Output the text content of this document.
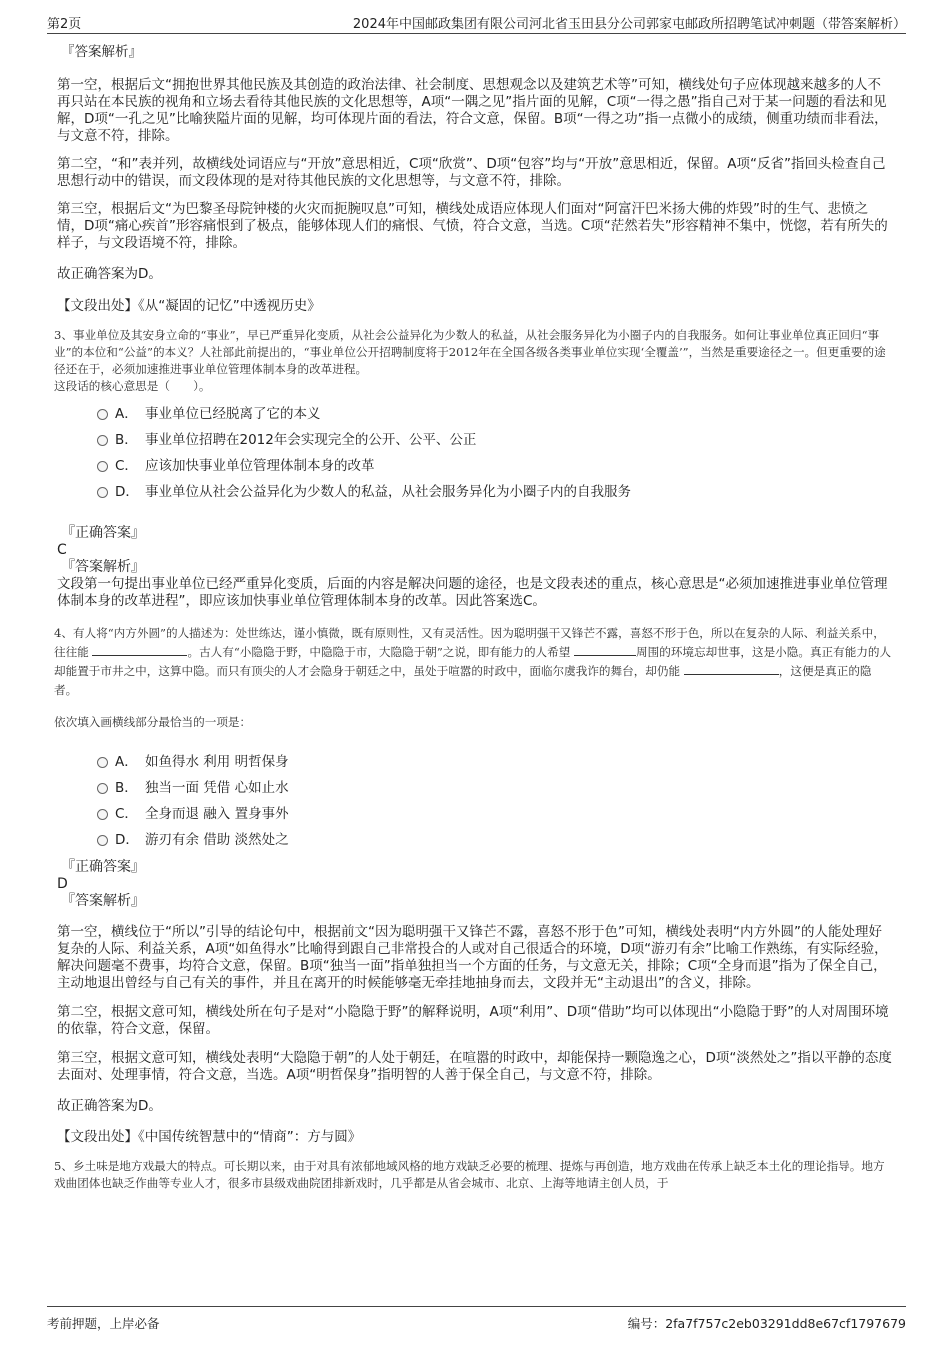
第2页	2024年中国邮政集团有限公司河北省玉田县分公司郭家屯邮政所招聘笔试冲刺题（带答案解析）
『答案解析』

第一空，根据后文“拥抱世界其他民族及其创造的政治法律、社会制度、思想观念以及建筑艺术等”可知，横线处句子应体现越来越多的人不再只站在本民族的视角和立场去看待其他民族的文化思想等，A项“一隅之见”指片面的见解，C项“一得之愚”指自己对于某一问题的看法和见解，D项“一孔之见”比喻狭隘片面的见解，均可体现片面的看法，符合文意，保留。B项“一得之功”指一点微小的成绩，侧重功绩而非看法，与文意不符，排除。

第二空，“和”表并列，故横线处词语应与“开放”意思相近，C项“欣赏”、D项“包容”均与“开放”意思相近，保留。A项“反省”指回头检查自己思想行动中的错误，而文段体现的是对待其他民族的文化思想等，与文意不符，排除。

第三空，根据后文“为巴黎圣母院钟楼的火灾而扼腕叹息”可知，横线处成语应体现人们面对“阿富汗巴米扬大佛的炸毁”时的生气、悲愤之情，D项“痛心疾首”形容痛恨到了极点，能够体现人们的痛恨、气愤，符合文意，当选。C项“茫然若失”形容精神不集中，恍惚，若有所失的样子，与文段语境不符，排除。

故正确答案为D。

【文段出处】《从“凝固的记忆”中透视历史》

3、事业单位及其安身立命的“事业”，早已严重异化变质，从社会公益异化为少数人的私益，从社会服务异化为小圈子内的自我服务。如何让事业单位真正回归“事业”的本位和“公益”的本义？人社部此前提出的，“事业单位公开招聘制度将于2012年在全国各级各类事业单位实现‘全覆盖’”，当然是重要途径之一。但更重要的途径还在于，必须加速推进事业单位管理体制本身的改革进程。

这段话的核心意思是（　　）。

A． 事业单位已经脱离了它的本义
B． 事业单位招聘在2012年会实现完全的公开、公平、公正
C． 应该加快事业单位管理体制本身的改革
D． 事业单位从社会公益异化为少数人的私益，从社会服务异化为小圈子内的自我服务

『正确答案』

C

『答案解析』

文段第一句提出事业单位已经严重异化变质，后面的内容是解决问题的途径，也是文段表述的重点，核心意思是“必须加速推进事业单位管理体制本身的改革进程”，即应该加快事业单位管理体制本身的改革。因此答案选C。

4、有人将“内方外圆”的人描述为：处世练达，谨小慎微，既有原则性，又有灵活性。因为聪明强干又锋芒不露，喜怒不形于色，所以在复杂的人际、利益关系中，往往能	。古人有“小隐隐于野，中隐隐于市，大隐隐于朝”之说，即有能力的人希望	周围的环境忘却世事，这是小隐。真正有能力的人却能置于市井之中，这算中隐。而只有顶尖的人才会隐身于朝廷之中，虽处于喧嚣的时政中，面临尔虞我诈的舞台，却仍能	，这便是真正的隐者。

依次填入画横线部分最恰当的一项是：

A． 如鱼得水 利用 明哲保身
B． 独当一面 凭借 心如止水
C． 全身而退 融入 置身事外
D． 游刃有余 借助 淡然处之

『正确答案』

D

『答案解析』

第一空，横线位于“所以”引导的结论句中，根据前文“因为聪明强干又锋芒不露，喜怒不形于色”可知，横线处表明“内方外圆”的人能处理好复杂的人际、利益关系，A项“如鱼得水”比喻得到跟自己非常投合的人或对自己很适合的环境，D项“游刃有余”比喻工作熟练，有实际经验，解决问题毫不费事，均符合文意，保留。B项“独当一面”指单独担当一个方面的任务，与文意无关，排除；C项“全身而退”指为了保全自己，主动地退出曾经与自己有关的事件，并且在离开的时候能够毫无牵挂地抽身而去，文段并无“主动退出”的含义，排除。

第二空，根据文意可知，横线处所在句子是对“小隐隐于野”的解释说明，A项“利用”、D项“借助”均可以体现出“小隐隐于野”的人对周围环境的依靠，符合文意，保留。

第三空，根据文意可知，横线处表明“大隐隐于朝”的人处于朝廷，在喧嚣的时政中，却能保持一颗隐逸之心，D项“淡然处之”指以平静的态度去面对、处理事情，符合文意，当选。A项“明哲保身”指明智的人善于保全自己，与文意不符，排除。

故正确答案为D。

【文段出处】《中国传统智慧中的“情商”：方与圆》

5、乡土味是地方戏最大的特点。可长期以来，由于对具有浓郁地域风格的地方戏缺乏必要的梳理、提炼与再创造，地方戏曲在传承上缺乏本土化的理论指导。地方戏曲团体也缺乏作曲等专业人才，很多市县级戏曲院团排新戏时，几乎都是从省会城市、北京、上海等地请主创人员，于

考前押题，上岸必备	编号：2fa7f757c2eb03291dd8e67cf1797679
